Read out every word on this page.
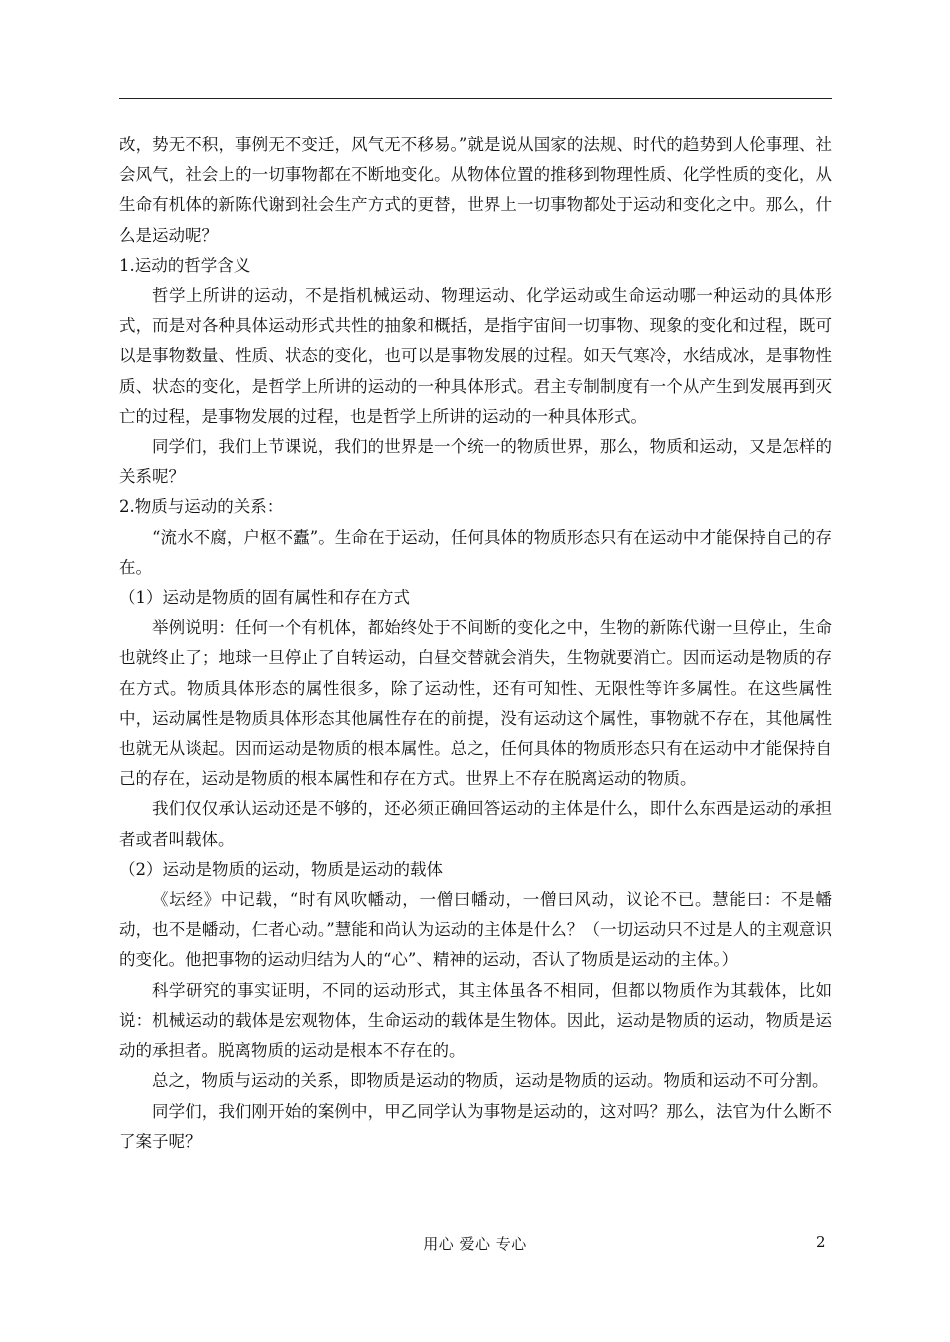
改，势无不积，事例无不变迁，风气无不移易。”就是说从国家的法规、时代的趋势到人伦事理、社会风气，社会上的一切事物都在不断地变化。从物体位置的推移到物理性质、化学性质的变化，从生命有机体的新陈代谢到社会生产方式的更替，世界上一切事物都处于运动和变化之中。那么，什么是运动呢？

1.运动的哲学含义

哲学上所讲的运动，不是指机械运动、物理运动、化学运动或生命运动哪一种运动的具体形式，而是对各种具体运动形式共性的抽象和概括，是指宇宙间一切事物、现象的变化和过程，既可以是事物数量、性质、状态的变化，也可以是事物发展的过程。如天气寒冷，水结成冰，是事物性质、状态的变化，是哲学上所讲的运动的一种具体形式。君主专制制度有一个从产生到发展再到灭亡的过程，是事物发展的过程，也是哲学上所讲的运动的一种具体形式。

同学们，我们上节课说，我们的世界是一个统一的物质世界，那么，物质和运动，又是怎样的关系呢？

2.物质与运动的关系：

“流水不腐，户枢不蠹”。生命在于运动，任何具体的物质形态只有在运动中才能保持自己的存在。

（1）运动是物质的固有属性和存在方式

举例说明：任何一个有机体，都始终处于不间断的变化之中，生物的新陈代谢一旦停止，生命也就终止了；地球一旦停止了自转运动，白昼交替就会消失，生物就要消亡。因而运动是物质的存在方式。物质具体形态的属性很多，除了运动性，还有可知性、无限性等许多属性。在这些属性中，运动属性是物质具体形态其他属性存在的前提，没有运动这个属性，事物就不存在，其他属性也就无从谈起。因而运动是物质的根本属性。总之，任何具体的物质形态只有在运动中才能保持自己的存在，运动是物质的根本属性和存在方式。世界上不存在脱离运动的物质。

我们仅仅承认运动还是不够的，还必须正确回答运动的主体是什么，即什么东西是运动的承担者或者叫载体。

（2）运动是物质的运动，物质是运动的载体

《坛经》中记载，“时有风吹幡动，一僧曰幡动，一僧曰风动，议论不已。慧能曰：不是幡动，也不是幡动，仁者心动。”慧能和尚认为运动的主体是什么？（一切运动只不过是人的主观意识的变化。他把事物的运动归结为人的“心”、精神的运动，否认了物质是运动的主体。）

科学研究的事实证明，不同的运动形式，其主体虽各不相同，但都以物质作为其载体，比如说：机械运动的载体是宏观物体，生命运动的载体是生物体。因此，运动是物质的运动，物质是运动的承担者。脱离物质的运动是根本不存在的。

总之，物质与运动的关系，即物质是运动的物质，运动是物质的运动。物质和运动不可分割。

同学们，我们刚开始的案例中，甲乙同学认为事物是运动的，这对吗？那么，法官为什么断不了案子呢？

用心 爱心 专心	2
